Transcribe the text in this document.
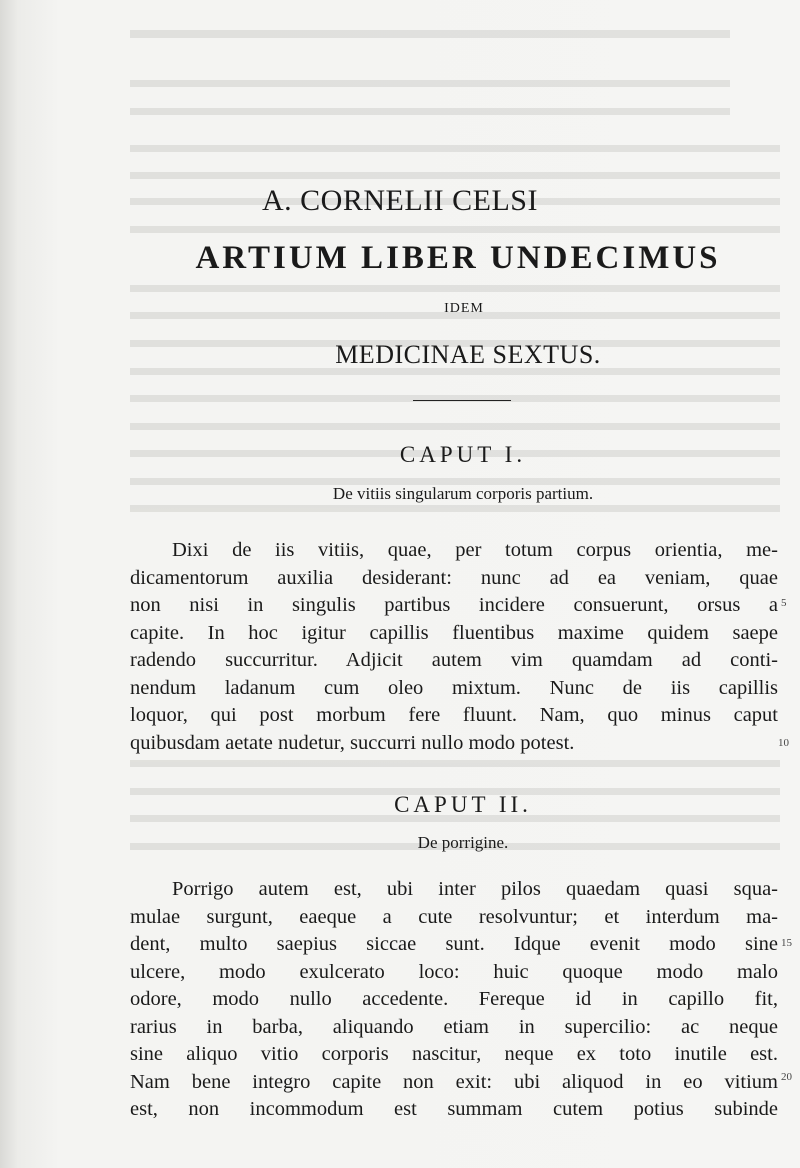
A. CORNELII CELSI
ARTIUM LIBER UNDECIMUS
IDEM
MEDICINAE SEXTUS.
CAPUT I.
De vitiis singularum corporis partium.
Dixi de iis vitiis, quae, per totum corpus orientia, me-
dicamentorum auxilia desiderant: nunc ad ea veniam, quae
non nisi in singulis partibus incidere consuerunt, orsus a
capite. In hoc igitur capillis fluentibus maxime quidem saepe
radendo succurritur. Adjicit autem vim quamdam ad conti-
nendum ladanum cum oleo mixtum. Nunc de iis capillis
loquor, qui post morbum fere fluunt. Nam, quo minus caput
quibusdam aetate nudetur, succurri nullo modo potest.
CAPUT II.
De porrigine.
Porrigo autem est, ubi inter pilos quaedam quasi squa-
mulae surgunt, eaeque a cute resolvuntur; et interdum ma-
dent, multo saepius siccae sunt. Idque evenit modo sine
ulcere, modo exulcerato loco: huic quoque modo malo
odore, modo nullo accedente. Fereque id in capillo fit,
rarius in barba, aliquando etiam in supercilio: ac neque
sine aliquo vitio corporis nascitur, neque ex toto inutile est.
Nam bene integro capite non exit: ubi aliquod in eo vitium
est, non incommodum est summam cutem potius subinde
5
10
15
20
